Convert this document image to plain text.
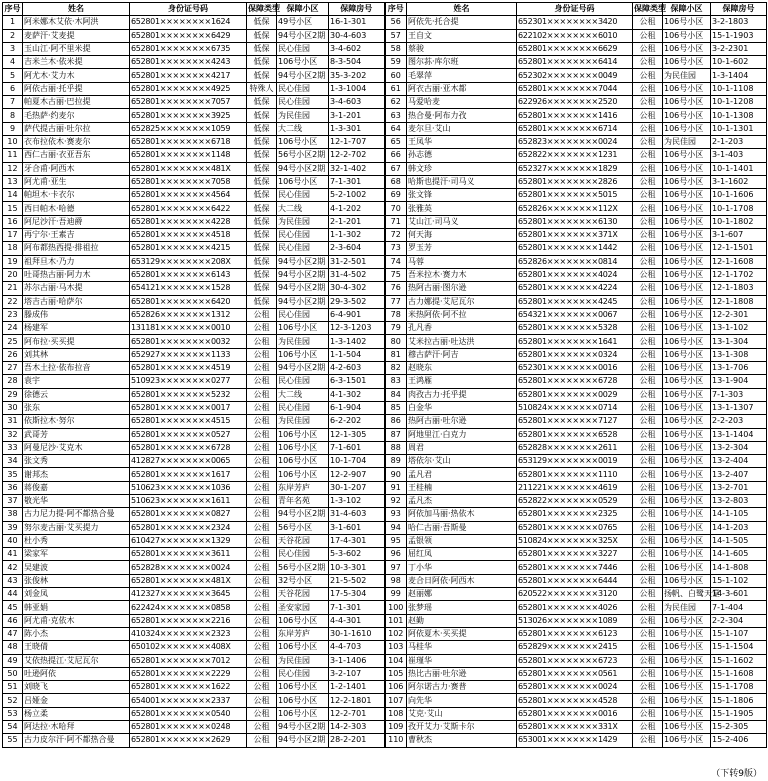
序号	姓名	身份证号码	保障类型	保障小区	保障房号	序号	姓名	身份证号码	保障类型	保障小区	保障房号
1	阿米娜木艾依·木阿洪	652801××××××××1624	低保	49号小区	16-1-301	56	阿依先·托合提	652301××××××××3420	公租	106号小区	3-2-1803
2	麦萨汗·艾麦提	652801××××××××6429	低保	94号小区2期	30-4-603	57	王自文	622102××××××××6010	公租	106号小区	15-1-1903
3	玉山江·阿不里米提	652801××××××××6735	低保	民心佳园	3-4-602	58	蔡骏	652801××××××××6629	公租	106号小区	3-2-2301
4	吉米兰木·依米提	652801××××××××4243	低保	106号小区	8-3-504	59	图尔荪·库尔班	652801××××××××6414	公租	106号小区	10-1-602
5	阿尤木·艾力木	652801××××××××4217	低保	94号小区2期	35-3-202	60	毛翠萍	652302××××××××0049	公租	为民佳园	1-3-1404
6	阿依古丽·托乎提	652801××××××××4925	特殊人	民心佳园	1-3-1004	61	阿衣古丽·亚木都	652801××××××××7044	公租	106号小区	10-1-1108
7	帕夏木古丽·巴拉提	652801××××××××7057	低保	民心佳园	3-4-603	62	马爱哈麦	622926××××××××2520	公租	106号小区	10-1-1208
8	毛热萨·约麦尔	652801××××××××3925	低保	为民佳园	3-1-201	63	热合曼·阿布力孜	652801××××××××1416	公租	106号小区	10-1-1308
9	萨代提古丽·吐尔拉	652825××××××××1059	低保	大二线	1-3-301	64	麦尔旦·艾山	652801××××××××6714	公租	106号小区	10-1-1301
10	衣布拉依木·赛麦尔	652801××××××××6718	低保	106号小区	12-1-707	65	王凤华	652823××××××××0024	公租	为民佳园	2-1-203
11	西仁古丽·衣亚吾东	652801××××××××1148	低保	56号小区2期	12-2-702	66	孙志德	652822××××××××1231	公租	106号小区	3-1-403
12	牙合甫·阿西木	652801××××××××481X	低保	94号小区2期	32-1-402	67	韩文珍	652327××××××××1829	公租	106号小区	10-1-1401
13	阿尤甫·亚生	652801××××××××7058	低保	106号小区	7-1-301	68	哈斯也提汗·司马义	652801××××××××2826	公租	106号小区	3-1-1602
14	帕坦木·卡衣尔	652801××××××××4564	低保	民心佳园	5-2-1002	69	张文锋	652801××××××××5015	公租	106号小区	10-1-1606
15	西日帕木·哈德	652801××××××××6422	低保	大二线	4-1-202	70	张雅英	652826××××××××112X	公租	106号小区	10-1-1708
16	阿尼沙汗·吾迪爵	652801××××××××4228	低保	为民佳园	2-1-201	71	艾山江·司马义	652801××××××××6130	公租	106号小区	10-1-1802
17	再宁尔·王素吉	652801××××××××4518	低保	民心佳园	1-1-302	72	何天海	652801××××××××371X	公租	106号小区	3-1-607
18	阿布都热西提·排祖拉	652801××××××××4215	低保	民心佳园	2-3-604	73	罗玉芳	652801××××××××1442	公租	106号小区	12-1-1501
19	祖拜旦木·乃力	653129××××××××208X	低保	94号小区2期	31-2-501	74	马蓉	652826××××××××0814	公租	106号小区	12-1-1608
20	吐哥热古丽·阿力木	652801××××××××6143	低保	94号小区2期	31-4-502	75	吾米拉木·赛力木	652801××××××××4024	公租	106号小区	12-1-1702
21	苏尔古丽·马木提	654121××××××××1528	低保	94号小区2期	30-4-302	76	热阿古丽·图尔逊	652801××××××××4224	公租	106号小区	12-1-1803
22	塔吉古丽·哈萨尔	652801××××××××6420	低保	94号小区2期	29-3-502	77	古力娜提·艾尼瓦尔	652801××××××××4245	公租	106号小区	12-1-1808
23	滕成伟	652826××××××××1312	公租	民心佳园	6-4-901	78	米热阿依·阿不拉	654321××××××××0067	公租	106号小区	12-2-301
24	杨建军	131181××××××××0010	公租	106号小区	12-3-1203	79	孔凡香	652801××××××××5328	公租	106号小区	13-1-102
25	阿布拉·买买提	652801××××××××0032	公租	为民佳园	1-3-1402	80	艾米拉古丽·吐达洪	652801××××××××1641	公租	106号小区	13-1-304
26	刘其林	652927××××××××1133	公租	106号小区	1-1-504	81	穆古萨汗·阿吉	652801××××××××0324	公租	106号小区	13-1-308
27	吾木土拉·依布拉音	652801××××××××4519	公租	94号小区2期	4-2-603	82	赵晓东	652301××××××××0016	公租	106号小区	13-1-706
28	袁宇	510923××××××××0277	公租	民心佳园	6-3-1501	83	王鸿雁	652801××××××××6728	公租	106号小区	13-1-904
29	徐德云	652801××××××××5232	公租	大二线	4-1-302	84	肉孜古力·托乎提	652801××××××××0029	公租	106号小区	7-1-303
30	张东	652801××××××××0017	公租	民心佳园	6-1-904	85	白金华	510824××××××××0714	公租	106号小区	13-1-1307
31	依斯拉木·努尔	652801××××××××4515	公租	为民佳园	6-2-202	86	热阿古丽·吐尔逊	652801××××××××7127	公租	106号小区	2-2-203
32	武哥芳	652801××××××××0527	公租	106号小区	12-1-305	87	阿地里江·白克力	652801××××××××6528	公租	106号小区	13-1-1404
33	阿曼尼沙·艾克木	652801××××××××6728	公租	106号小区	7-1-601	88	周君	652828××××××××2611	公租	106号小区	13-2-304
34	张文秀	412827××××××××0065	公租	106号小区	10-1-704	89	塔依尔·艾山	653129××××××××0019	公租	106号小区	13-2-404
35	谢邦杰	652801××××××××1617	公租	106号小区	12-2-907	90	孟凡君	652801××××××××1110	公租	106号小区	13-2-407
36	蒋俊嘉	510623××××××××1036	公租	东岸芳庐	30-1-207	91	王桂楠	211221××××××××4619	公租	106号小区	13-2-701
37	敬光华	510623××××××××1611	公租	青年名苑	1-3-102	92	孟凡杰	652822××××××××0529	公租	106号小区	13-2-803
38	古力尼力提·阿不都热合曼	652801××××××××0827	公租	94号小区2期	31-4-603	93	阿依加马丽·热依木	652801××××××××2325	公租	106号小区	14-1-105
39	努尔麦古丽·艾买提力	652801××××××××2324	公租	56号小区	3-1-601	94	哈仁古丽·吾斯曼	652801××××××××0765	公租	106号小区	14-1-203
40	杜小秀	610427××××××××1329	公租	天谷花园	17-4-301	95	孟银领	510824××××××××325X	公租	106号小区	14-1-505
41	梁家军	652801××××××××3611	公租	民心佳园	5-3-602	96	屈红凤	652801××××××××3227	公租	106号小区	14-1-605
42	吴建波	652828××××××××0024	公租	56号小区2期	10-3-301	97	丁小华	652801××××××××7446	公租	106号小区	14-1-808
43	张俊林	652801××××××××481X	公租	32号小区	21-5-502	98	麦合日阿依·阿西木	652801××××××××6444	公租	106号小区	15-1-102
44	刘金凤	412327××××××××3645	公租	天谷花园	17-5-304	99	赵丽娜	620522××××××××3120	公租	扬帆、白鹭天堂	14-3-601
45	韩亚娟	622424××××××××0858	公租	圣安家园	7-1-301	100	张梦瑶	652801××××××××4026	公租	为民佳园	7-1-404
46	阿尤甫·克依木	652801××××××××2216	公租	106号小区	4-4-301	101	赵勤	513026××××××××1089	公租	106号小区	2-2-304
47	陈小杰	410324××××××××2323	公租	东岸芳庐	30-1-1610	102	阿依夏木·买买提	652801××××××××6123	公租	106号小区	15-1-107
48	王晓倩	650102××××××××408X	公租	106号小区	4-4-703	103	马桂华	652829××××××××2415	公租	106号小区	15-1-1504
49	艾依热提江·艾尼瓦尔	652801××××××××7012	公租	为民佳园	3-1-1406	104	崔瑾华	652801××××××××6723	公租	106号小区	15-1-1602
50	吐逊阿依	652801××××××××2229	公租	民心佳园	3-2-107	105	热比古丽·吐尔逊	652801××××××××0561	公租	106号小区	15-1-1608
51	刘晓飞	652801××××××××1622	公租	106号小区	1-2-1401	106	阿尔诺古力·赛普	652801××××××××0024	公租	106号小区	15-1-1708
52	吕娅金	654001××××××××2337	公租	106号小区	12-2-1801	107	向先华	652801××××××××4528	公租	106号小区	15-1-1806
53	杨立柔	652801××××××××0540	公租	106号小区	12-2-701	108	艾克·艾山	652801××××××××0016	公租	106号小区	15-1-1905
54	阿达拉·木哈拜	652801××××××××0248	公租	94号小区2期	14-2-303	109	孜开艾力·艾斯卡尔	652801××××××××331X	公租	106号小区	15-2-305
55	古力皮尔汗·阿不都热合曼	652801××××××××2629	公租	94号小区2期	28-2-201	110	曹秋杰	653001××××××××1429	公租	106号小区	15-2-406
（下转9版）
